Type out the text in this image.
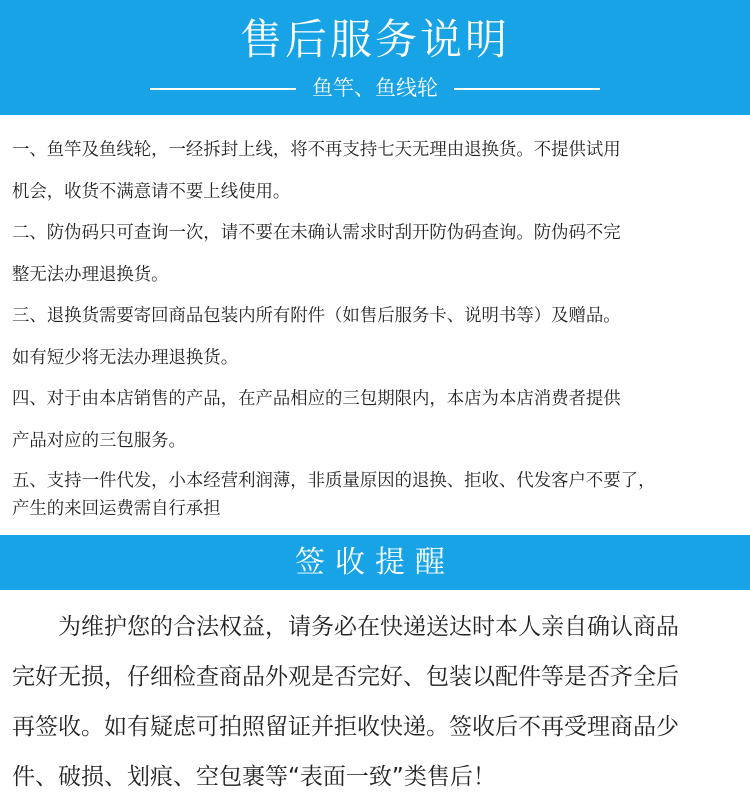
售后服务说明
鱼竿、鱼线轮

一、鱼竿及鱼线轮，一经拆封上线，将不再支持七天无理由退换货。不提供试用

机会，收货不满意请不要上线使用。

二、防伪码只可查询一次，请不要在未确认需求时刮开防伪码查询。防伪码不完

整无法办理退换货。

三、退换货需要寄回商品包装内所有附件（如售后服务卡、说明书等）及赠品。

如有短少将无法办理退换货。

四、对于由本店销售的产品，在产品相应的三包期限内，本店为本店消费者提供

产品对应的三包服务。

五、支持一件代发，小本经营利润薄，非质量原因的退换、拒收、代发客户不要了，

产生的来回运费需自行承担

签收提醒

为维护您的合法权益，请务必在快递送达时本人亲自确认商品

完好无损，仔细检查商品外观是否完好、包装以配件等是否齐全后

再签收。如有疑虑可拍照留证并拒收快递。签收后不再受理商品少

件、破损、划痕、空包裹等“表面一致”类售后！
